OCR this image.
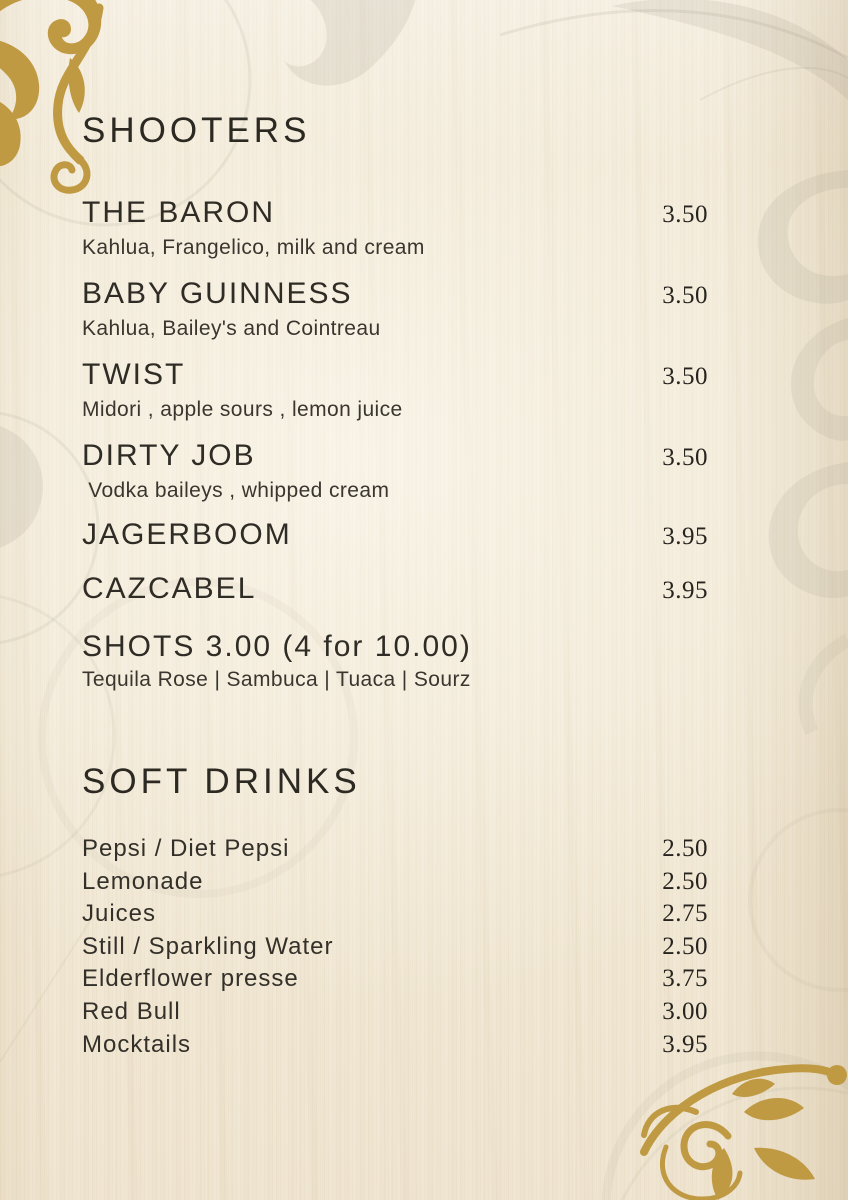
SHOOTERS
THE BARON	3.50
Kahlua, Frangelico, milk and cream
BABY GUINNESS	3.50
Kahlua, Bailey's and Cointreau
TWIST	3.50
Midori , apple sours , lemon juice
DIRTY JOB	3.50
Vodka baileys , whipped cream
JAGERBOOM	3.95
CAZCABEL	3.95
SHOTS 3.00 (4 for 10.00)
Tequila Rose | Sambuca | Tuaca | Sourz
SOFT DRINKS
Pepsi / Diet Pepsi	2.50
Lemonade	2.50
Juices	2.75
Still / Sparkling Water	2.50
Elderflower presse	3.75
Red Bull	3.00
Mocktails	3.95
